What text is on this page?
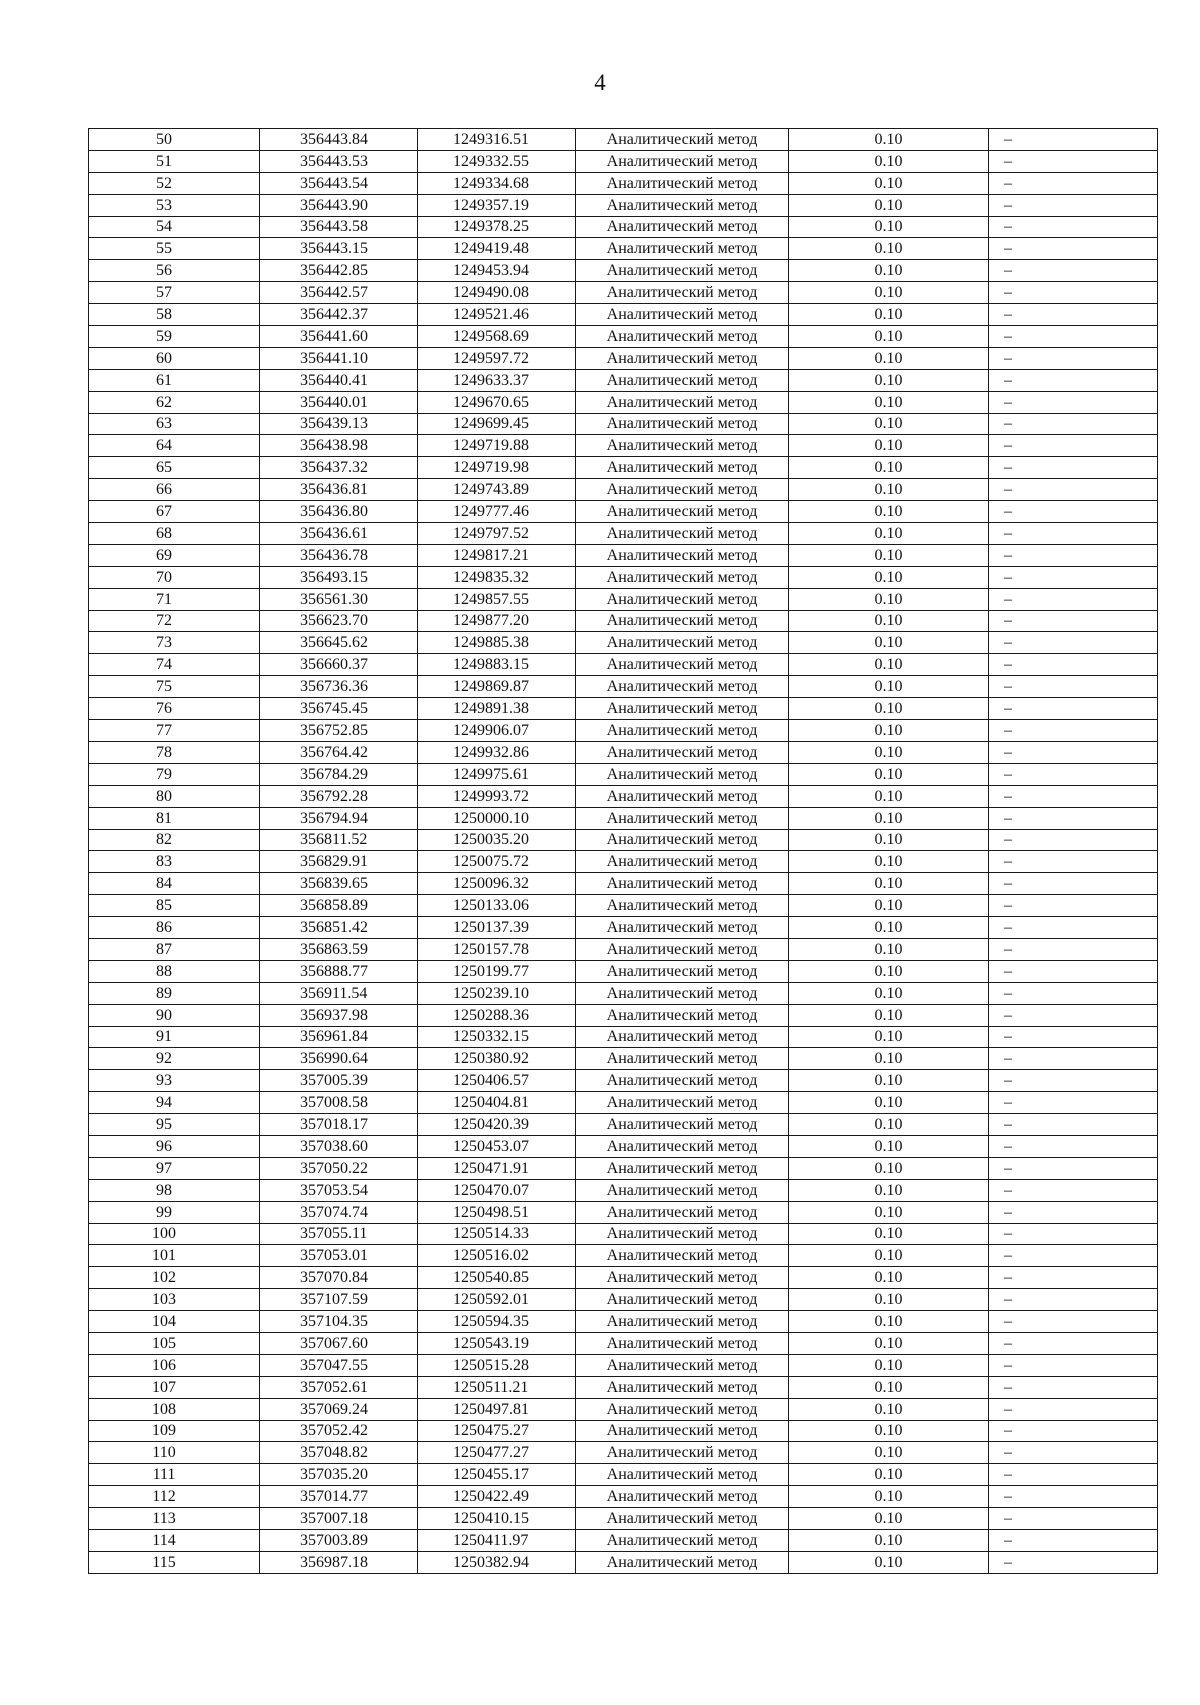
4
50	356443.84	1249316.51	Аналитический метод	0.10	–
51	356443.53	1249332.55	Аналитический метод	0.10	–
52	356443.54	1249334.68	Аналитический метод	0.10	–
53	356443.90	1249357.19	Аналитический метод	0.10	–
54	356443.58	1249378.25	Аналитический метод	0.10	–
55	356443.15	1249419.48	Аналитический метод	0.10	–
56	356442.85	1249453.94	Аналитический метод	0.10	–
57	356442.57	1249490.08	Аналитический метод	0.10	–
58	356442.37	1249521.46	Аналитический метод	0.10	–
59	356441.60	1249568.69	Аналитический метод	0.10	–
60	356441.10	1249597.72	Аналитический метод	0.10	–
61	356440.41	1249633.37	Аналитический метод	0.10	–
62	356440.01	1249670.65	Аналитический метод	0.10	–
63	356439.13	1249699.45	Аналитический метод	0.10	–
64	356438.98	1249719.88	Аналитический метод	0.10	–
65	356437.32	1249719.98	Аналитический метод	0.10	–
66	356436.81	1249743.89	Аналитический метод	0.10	–
67	356436.80	1249777.46	Аналитический метод	0.10	–
68	356436.61	1249797.52	Аналитический метод	0.10	–
69	356436.78	1249817.21	Аналитический метод	0.10	–
70	356493.15	1249835.32	Аналитический метод	0.10	–
71	356561.30	1249857.55	Аналитический метод	0.10	–
72	356623.70	1249877.20	Аналитический метод	0.10	–
73	356645.62	1249885.38	Аналитический метод	0.10	–
74	356660.37	1249883.15	Аналитический метод	0.10	–
75	356736.36	1249869.87	Аналитический метод	0.10	–
76	356745.45	1249891.38	Аналитический метод	0.10	–
77	356752.85	1249906.07	Аналитический метод	0.10	–
78	356764.42	1249932.86	Аналитический метод	0.10	–
79	356784.29	1249975.61	Аналитический метод	0.10	–
80	356792.28	1249993.72	Аналитический метод	0.10	–
81	356794.94	1250000.10	Аналитический метод	0.10	–
82	356811.52	1250035.20	Аналитический метод	0.10	–
83	356829.91	1250075.72	Аналитический метод	0.10	–
84	356839.65	1250096.32	Аналитический метод	0.10	–
85	356858.89	1250133.06	Аналитический метод	0.10	–
86	356851.42	1250137.39	Аналитический метод	0.10	–
87	356863.59	1250157.78	Аналитический метод	0.10	–
88	356888.77	1250199.77	Аналитический метод	0.10	–
89	356911.54	1250239.10	Аналитический метод	0.10	–
90	356937.98	1250288.36	Аналитический метод	0.10	–
91	356961.84	1250332.15	Аналитический метод	0.10	–
92	356990.64	1250380.92	Аналитический метод	0.10	–
93	357005.39	1250406.57	Аналитический метод	0.10	–
94	357008.58	1250404.81	Аналитический метод	0.10	–
95	357018.17	1250420.39	Аналитический метод	0.10	–
96	357038.60	1250453.07	Аналитический метод	0.10	–
97	357050.22	1250471.91	Аналитический метод	0.10	–
98	357053.54	1250470.07	Аналитический метод	0.10	–
99	357074.74	1250498.51	Аналитический метод	0.10	–
100	357055.11	1250514.33	Аналитический метод	0.10	–
101	357053.01	1250516.02	Аналитический метод	0.10	–
102	357070.84	1250540.85	Аналитический метод	0.10	–
103	357107.59	1250592.01	Аналитический метод	0.10	–
104	357104.35	1250594.35	Аналитический метод	0.10	–
105	357067.60	1250543.19	Аналитический метод	0.10	–
106	357047.55	1250515.28	Аналитический метод	0.10	–
107	357052.61	1250511.21	Аналитический метод	0.10	–
108	357069.24	1250497.81	Аналитический метод	0.10	–
109	357052.42	1250475.27	Аналитический метод	0.10	–
110	357048.82	1250477.27	Аналитический метод	0.10	–
111	357035.20	1250455.17	Аналитический метод	0.10	–
112	357014.77	1250422.49	Аналитический метод	0.10	–
113	357007.18	1250410.15	Аналитический метод	0.10	–
114	357003.89	1250411.97	Аналитический метод	0.10	–
115	356987.18	1250382.94	Аналитический метод	0.10	–
